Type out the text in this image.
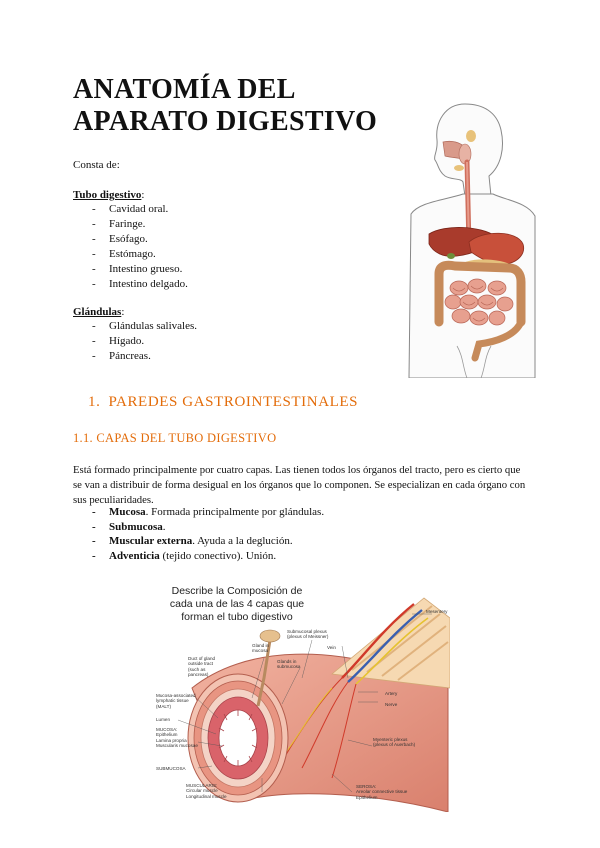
ANATOMÍA DEL
APARATO DIGESTIVO

Consta de:

Tubo digestivo:

- Cavidad oral.
- Faringe.
- Esófago.
- Estómago.
- Intestino grueso.
- Intestino delgado.

Glándulas:

- Glándulas salivales.
- Hígado.
- Páncreas.
1. PAREDES GASTROINTESTINALES
1.1. CAPAS DEL TUBO DIGESTIVO

Está formado principalmente por cuatro capas. Las tienen todos los órganos del tracto, pero es cierto que se van a distribuir de forma desigual en los órganos que lo componen. Se especializan en cada órgano con sus peculiaridades.

- Mucosa. Formada principalmente por glándulas.
- Submucosa.
- Muscular externa. Ayuda a la deglución.
- Adventicia (tejido conectivo). Unión.
Describe la Composición de cada una de las 4 capas que forman el tubo digestivo	Mesentery
Submucosal plexus
(plexus of Meissner)
Vein
Gland in
mucosa
Duct of gland
outside tract
(such as
pancreas)
Glands in
submucosa
Mucosa-associated
lymphatic tissue
(MALT)
Artery
Nerve
Lumen
MUCOSA:
Epithelium
Lamina propria
Muscularis mucosae
Myenteric plexus
(plexus of Auerbach)
SUBMUCOSA
MUSCULARIS:
Circular muscle
Longitudinal muscle
SEROSA:
Areolar connective tissue
Epithelium
